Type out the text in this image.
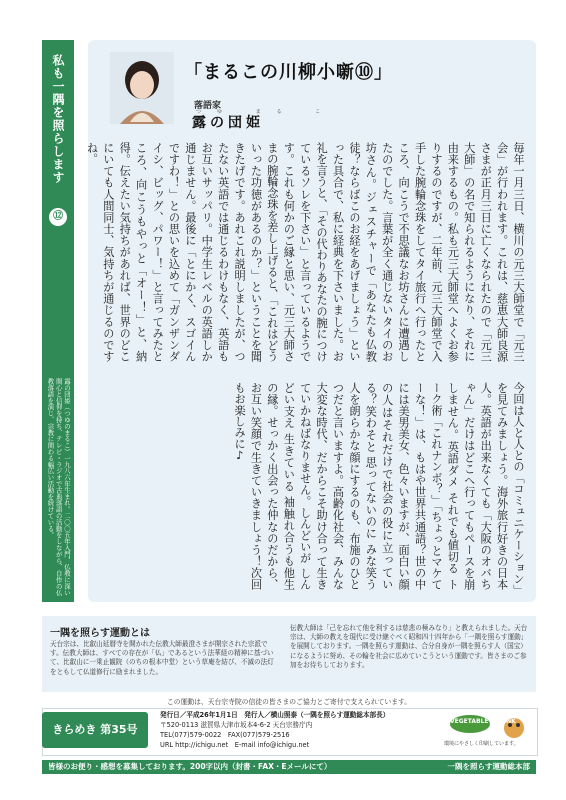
私も一隅を照らします
⑫
露の団姫（つゆのまるこ）一九八六年生まれ。二〇〇五年入門、仏教に深い関心と信仰を持ち、テレビ・ラジオで古典落語の活動をしながら、自作の仏教落語を演じ、宗教に関わる幅広い活動を続けている。
「まるこの川柳小噺⑩」
落語家
つゆ まる こ
露の団姫
毎年一月三日、横川の元三大師堂で「元三会」が行われます。これは、慈恵大師良源さまが正月三日に亡くなられたので「元三大師」の名で知られるようになり、それに由来するもの。私も元三大師堂へよくお参りするのですが、二年前、元三大師堂で入手した腕輪念珠をしてタイ旅行へ行ったところ、向こうで不思議なお坊さんに遭遇したのでした。言葉が全く通じないタイのお坊さん。ジェスチャーで「あなたも仏教徒？ならばこのお経をあげましょう」といった具合で、私に経典を下さいました。お礼を言うと、「その代わりあなたの腕につけているソレを下さい」と言っているようです。これも何かのご縁と思い、元三大師さまの腕輪念珠を差し上げると、「これはどういった功徳があるのか？」ということを聞きたげです。あれこれ説明しましたが、つたない英語では通じるわけもなく、英語もお互いサッパリ。中学生レベルの英語しか通じません。最後に「とにかく、スゴイんですわ！」との思いを込めて「ガンザンダイシ、ビッグ、パワー！」と言ってみたところ、向こうもやっと「オー！」と、納得。伝えたい気持ちがあれば、世界のどこにいても人間同士、気持ちが通じるのですね。
今回は人と人との「コミュニケーション」を見てみましょう。海外旅行好きの日本人。英語が出来なくても「大阪のオバちゃん」だけはどこへ行ってもペースを崩しません。英語ダメ それでも値切る トーク術「これナンボ？」「ちょっとマケてーな！」は、もはや世界共通語？世の中には美男美女、色々いますが、面白い顔の人はそれだけで社会の役に立っている？笑わそと 思ってないのに みな笑う 人を朗らかな顔にするのも、布施のひとつだと言いますよ。高齢化社会、みんな大変な時代、だからこそ助け合って生きていかねばなりません。しんどいが しんどい支え 生きている 袖触れ合うも他生の縁。せっかく出会った仲なのだから、お互い笑顔で生きていきましょう！次回もお楽しみに♪
一隅を照らす運動とは
天台宗は、比叡山延暦寺を開かれた伝教大師最澄さまが開宗された宗派です。伝教大師は、すべての存在が「仏」であるという法華経の精神に基づいて、比叡山に一乗止観院（のちの根本中堂）という草庵を結び、不滅の法灯をともして仏道修行に励まれました。
伝教大師は「己を忘れて他を利するは慈悲の極みなり」と教えられました。天台宗は、大師の教えを現代に受け継ぐべく昭和四十四年から「一隅を照らす運動」を展開しております。一隅を照らす運動は、合分自身が一隅を照らす人（国宝）になるように努め、その輪を社会に広めていこうという運動です。皆さまのご参加をお待ちしております。
この運動は、天台宗寺院の信徒の皆さまのご協力とご寄付で支えられています。
きらめき 第35号
発行日／平成26年1月1日　発行人／横山照泰（一隅を照らす運動総本部長）
〒520-0113 滋賀県大津市坂本4-6-2 天台宗務庁内
TEL(077)579-0022　FAX(077)579-2516
URL http://ichigu.net　E-mail info@ichigu.net
VEGETABLE OIL INK
環境にやさしく印刷しています。
皆様のお便り・感想を募集しております。200字以内（封書・FAX・Eメールにて）	一隅を照らす運動総本部
